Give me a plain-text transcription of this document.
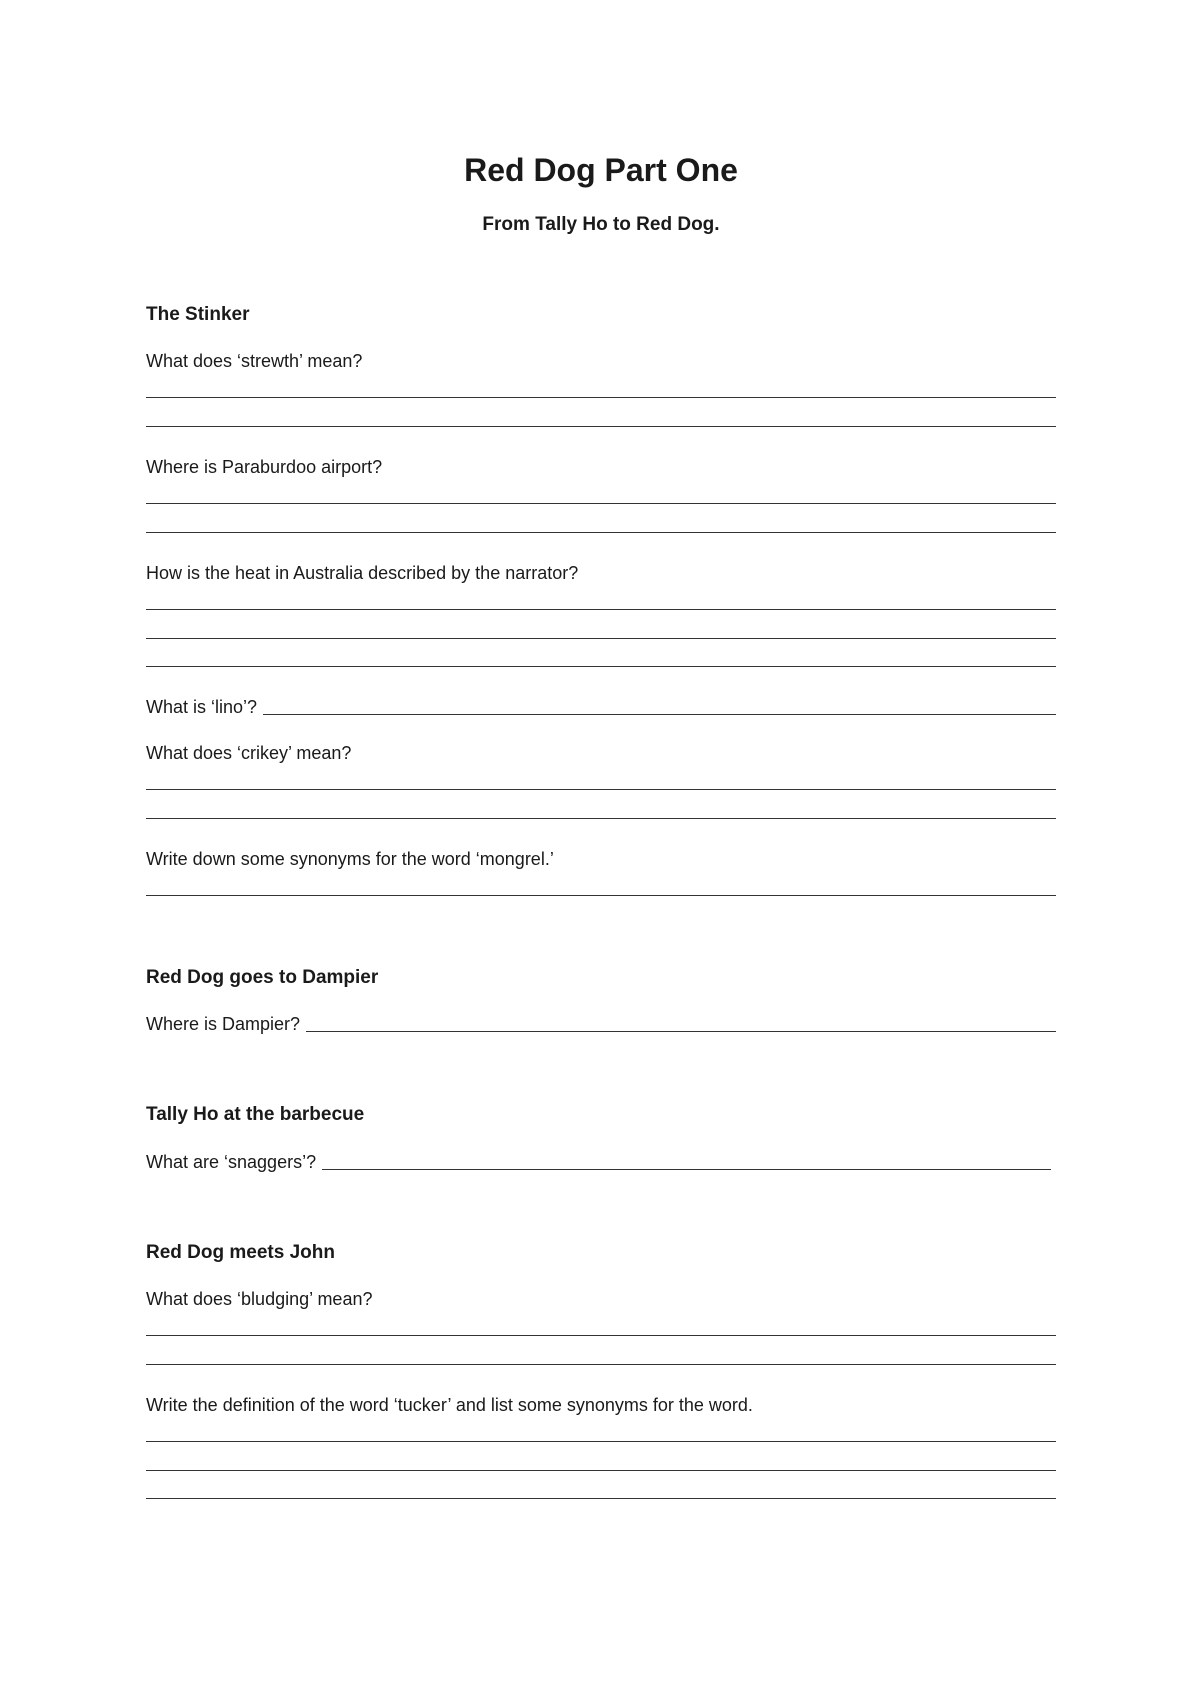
Red Dog Part One
From Tally Ho to Red Dog.
The Stinker
What does ‘strewth’ mean?
Where is Paraburdoo airport?
How is the heat in Australia described by the narrator?
What is ‘lino’?
What does ‘crikey’ mean?
Write down some synonyms for the word ‘mongrel.’
Red Dog goes to Dampier
Where is Dampier?
Tally Ho at the barbecue
What are ‘snaggers’?
Red Dog meets John
What does ‘bludging’ mean?
Write the definition of the word ‘tucker’ and list some synonyms for the word.
